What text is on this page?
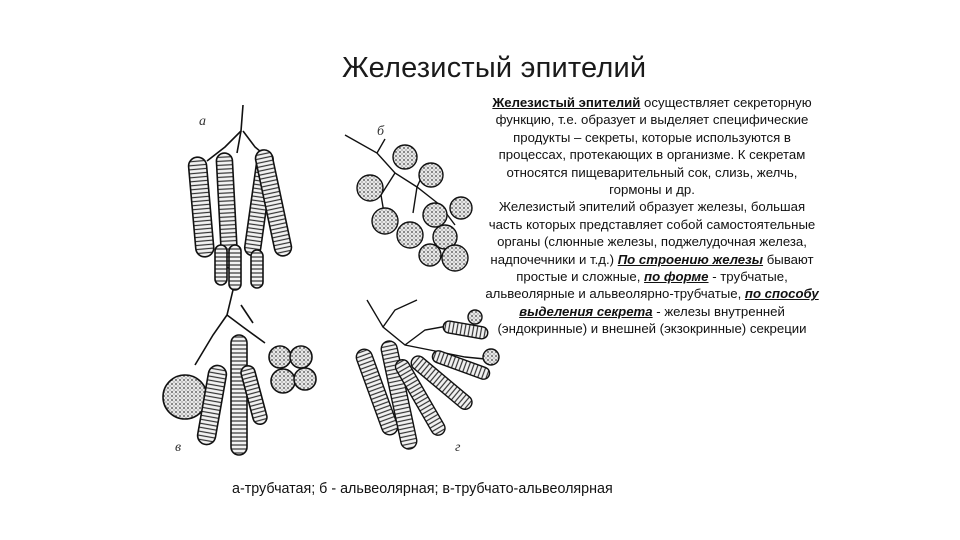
Железистый эпителий
а
б
в	г

Железистый эпителий осуществляет секреторную функцию, т.е. образует и выделяет специфические продукты – секреты, которые используются в процессах, протекающих в организме. К секретам относятся пищеварительный сок, слизь, желчь, гормоны и др.

Железистый эпителий образует железы, большая часть которых представляет собой самостоятельные органы (слюнные железы, поджелудочная железа, надпочечники и т.д.) По строению железы бывают простые и сложные, по форме - трубчатые, альвеолярные и альвеолярно-трубчатые, по способу выделения секрета - железы внутренней (эндокринные) и внешней (экзокринные) секреции

а-трубчатая; б - альвеолярная; в-трубчато-альвеолярная
